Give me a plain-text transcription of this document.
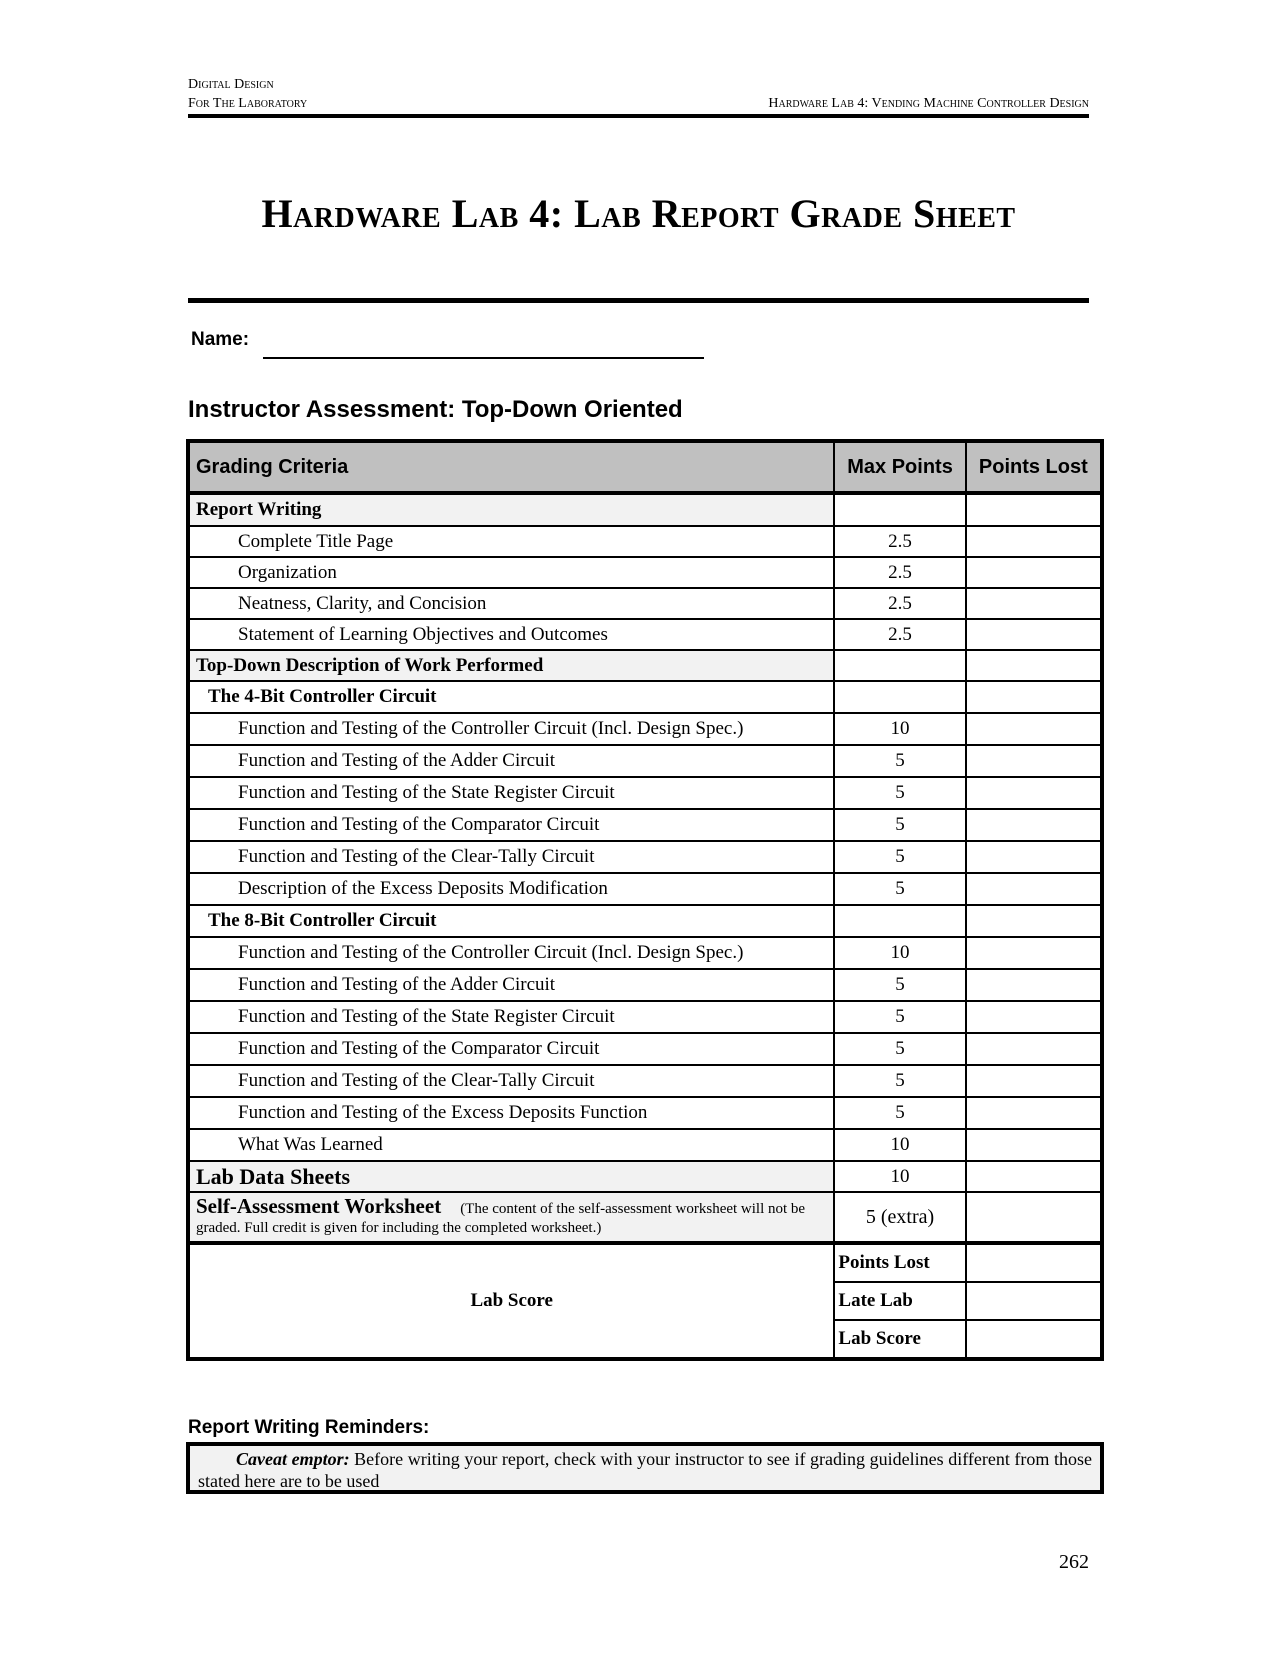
Digital Design
For The Laboratory	Hardware Lab 4: Vending Machine Controller Design
Hardware Lab 4: Lab Report Grade Sheet
Name:
Instructor Assessment: Top-Down Oriented
Grading Criteria	Max Points	Points Lost
Report Writing		
Complete Title Page	2.5	
Organization	2.5	
Neatness, Clarity, and Concision	2.5	
Statement of Learning Objectives and Outcomes	2.5	
Top-Down Description of Work Performed		
The 4-Bit Controller Circuit		
Function and Testing of the Controller Circuit (Incl. Design Spec.)	10	
Function and Testing of the Adder Circuit	5	
Function and Testing of the State Register Circuit	5	
Function and Testing of the Comparator Circuit	5	
Function and Testing of the Clear-Tally Circuit	5	
Description of the Excess Deposits Modification	5	
The 8-Bit Controller Circuit		
Function and Testing of the Controller Circuit (Incl. Design Spec.)	10	
Function and Testing of the Adder Circuit	5	
Function and Testing of the State Register Circuit	5	
Function and Testing of the Comparator Circuit	5	
Function and Testing of the Clear-Tally Circuit	5	
Function and Testing of the Excess Deposits Function	5	
What Was Learned	10	
Lab Data Sheets	10	
Self-Assessment Worksheet (The content of the self-assessment worksheet will not be graded. Full credit is given for including the completed worksheet.)	5 (extra)	
Lab Score	Points Lost	
	Late Lab	
	Lab Score	
Report Writing Reminders:
Caveat emptor: Before writing your report, check with your instructor to see if grading guidelines different from those stated here are to be used
262
